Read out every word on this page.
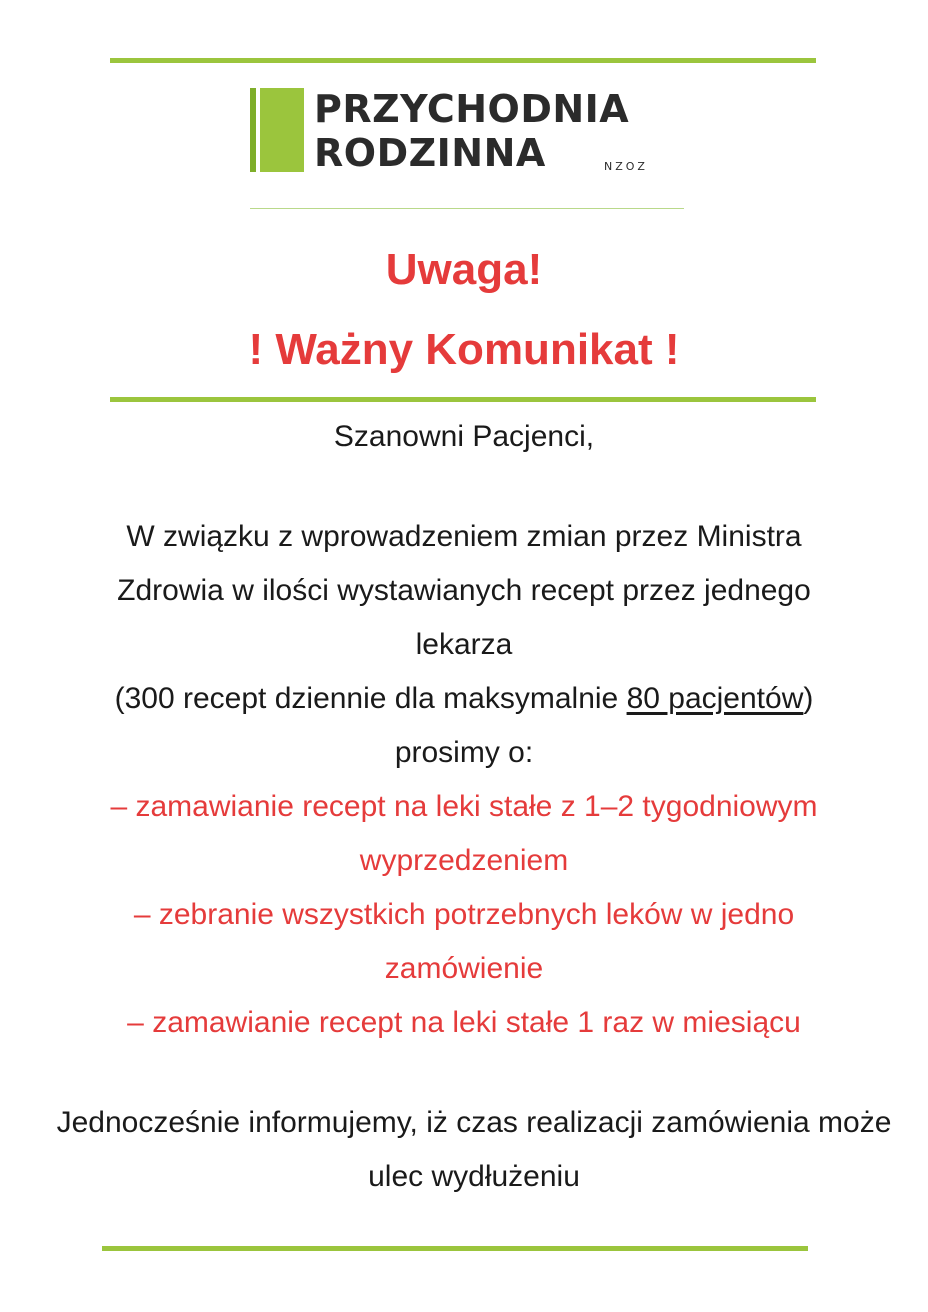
PRZYCHODNIA
RODZINNA	NZOZ
Uwaga!
! Ważny Komunikat !
Szanowni Pacjenci,
W związku z wprowadzeniem zmian przez Ministra Zdrowia w ilości wystawianych recept przez jednego lekarza
(300 recept dziennie dla maksymalnie 80 pacjentów)
prosimy o:
– zamawianie recept na leki stałe z 1–2 tygodniowym wyprzedzeniem
– zebranie wszystkich potrzebnych leków w jedno zamówienie
– zamawianie recept na leki stałe 1 raz w miesiącu
Jednocześnie informujemy, iż czas realizacji zamówienia może ulec wydłużeniu
